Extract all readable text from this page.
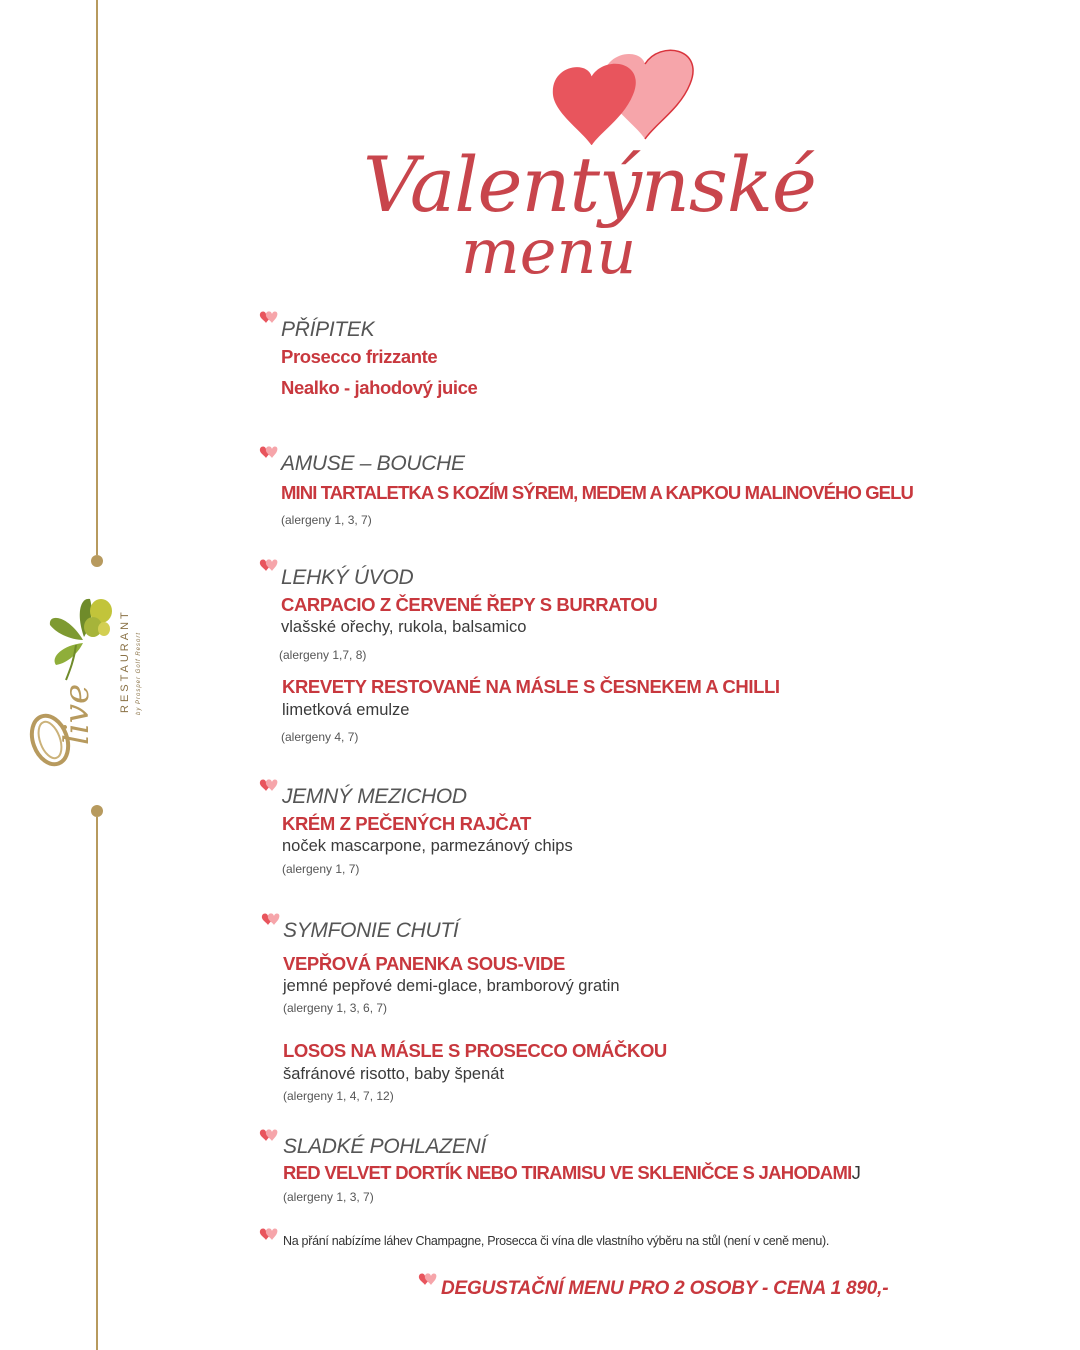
live
RESTAURANT by Prosper Golf Resort
Valentýnské
menu
PŘÍPITEK
Prosecco frizzante
Nealko - jahodový juice
AMUSE – BOUCHE
MINI TARTALETKA S KOZÍM SÝREM, MEDEM A KAPKOU MALINOVÉHO GELU
(alergeny 1, 3, 7)
LEHKÝ ÚVOD
CARPACIO Z ČERVENÉ ŘEPY S BURRATOU
vlašské ořechy, rukola, balsamico
(alergeny 1,7, 8)
KREVETY RESTOVANÉ NA MÁSLE S ČESNEKEM A CHILLI
limetková emulze
(alergeny 4, 7)
JEMNÝ MEZICHOD
KRÉM Z PEČENÝCH RAJČAT
noček mascarpone, parmezánový chips
(alergeny 1, 7)
SYMFONIE CHUTÍ
VEPŘOVÁ PANENKA SOUS-VIDE
jemné pepřové demi-glace, bramborový gratin
(alergeny 1, 3, 6, 7)
LOSOS NA MÁSLE S PROSECCO OMÁČKOU
šafránové risotto, baby špenát
(alergeny 1, 4, 7, 12)
SLADKÉ POHLAZENÍ
RED VELVET DORTÍK NEBO TIRAMISU VE SKLENIČCE S JAHODAMIJ
(alergeny 1, 3, 7)
Na přání nabízíme láhev Champagne, Prosecca či vína dle vlastního výběru na stůl (není v ceně menu).
DEGUSTAČNÍ MENU PRO 2 OSOBY - CENA 1 890,-
